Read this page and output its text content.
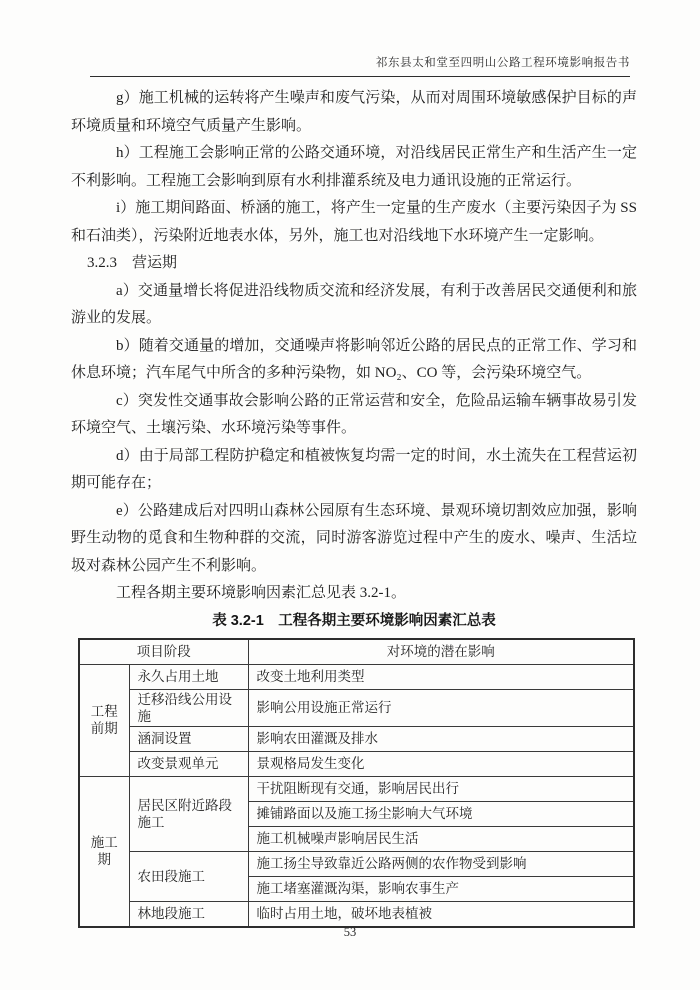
祁东县太和堂至四明山公路工程环境影响报告书

g）施工机械的运转将产生噪声和废气污染，从而对周围环境敏感保护目标的声环境质量和环境空气质量产生影响。

h）工程施工会影响正常的公路交通环境，对沿线居民正常生产和生活产生一定不利影响。工程施工会影响到原有水利排灌系统及电力通讯设施的正常运行。

i）施工期间路面、桥涵的施工，将产生一定量的生产废水（主要污染因子为 SS 和石油类），污染附近地表水体，另外，施工也对沿线地下水环境产生一定影响。

3.2.3　营运期

a）交通量增长将促进沿线物质交流和经济发展，有利于改善居民交通便利和旅游业的发展。

b）随着交通量的增加，交通噪声将影响邻近公路的居民点的正常工作、学习和休息环境；汽车尾气中所含的多种污染物，如 NO₂、CO 等，会污染环境空气。

c）突发性交通事故会影响公路的正常运营和安全，危险品运输车辆事故易引发环境空气、土壤污染、水环境污染等事件。

d）由于局部工程防护稳定和植被恢复均需一定的时间，水土流失在工程营运初期可能存在；

e）公路建成后对四明山森林公园原有生态环境、景观环境切割效应加强，影响野生动物的觅食和生物种群的交流，同时游客游览过程中产生的废水、噪声、生活垃圾对森林公园产生不利影响。

工程各期主要环境影响因素汇总见表 3.2-1。

表 3.2-1　工程各期主要环境影响因素汇总表
项目阶段		对环境的潜在影响
工程前期	永久占用土地	改变土地利用类型
	迁移沿线公用设施	影响公用设施正常运行
	涵洞设置	影响农田灌溉及排水
	改变景观单元	景观格局发生变化
施工期	居民区附近路段施工	干扰阻断现有交通，影响居民出行
		摊铺路面以及施工扬尘影响大气环境
		施工机械噪声影响居民生活
	农田段施工	施工扬尘导致靠近公路两侧的农作物受到影响
		施工堵塞灌溉沟渠，影响农事生产
	林地段施工	临时占用土地，破坏地表植被
53
